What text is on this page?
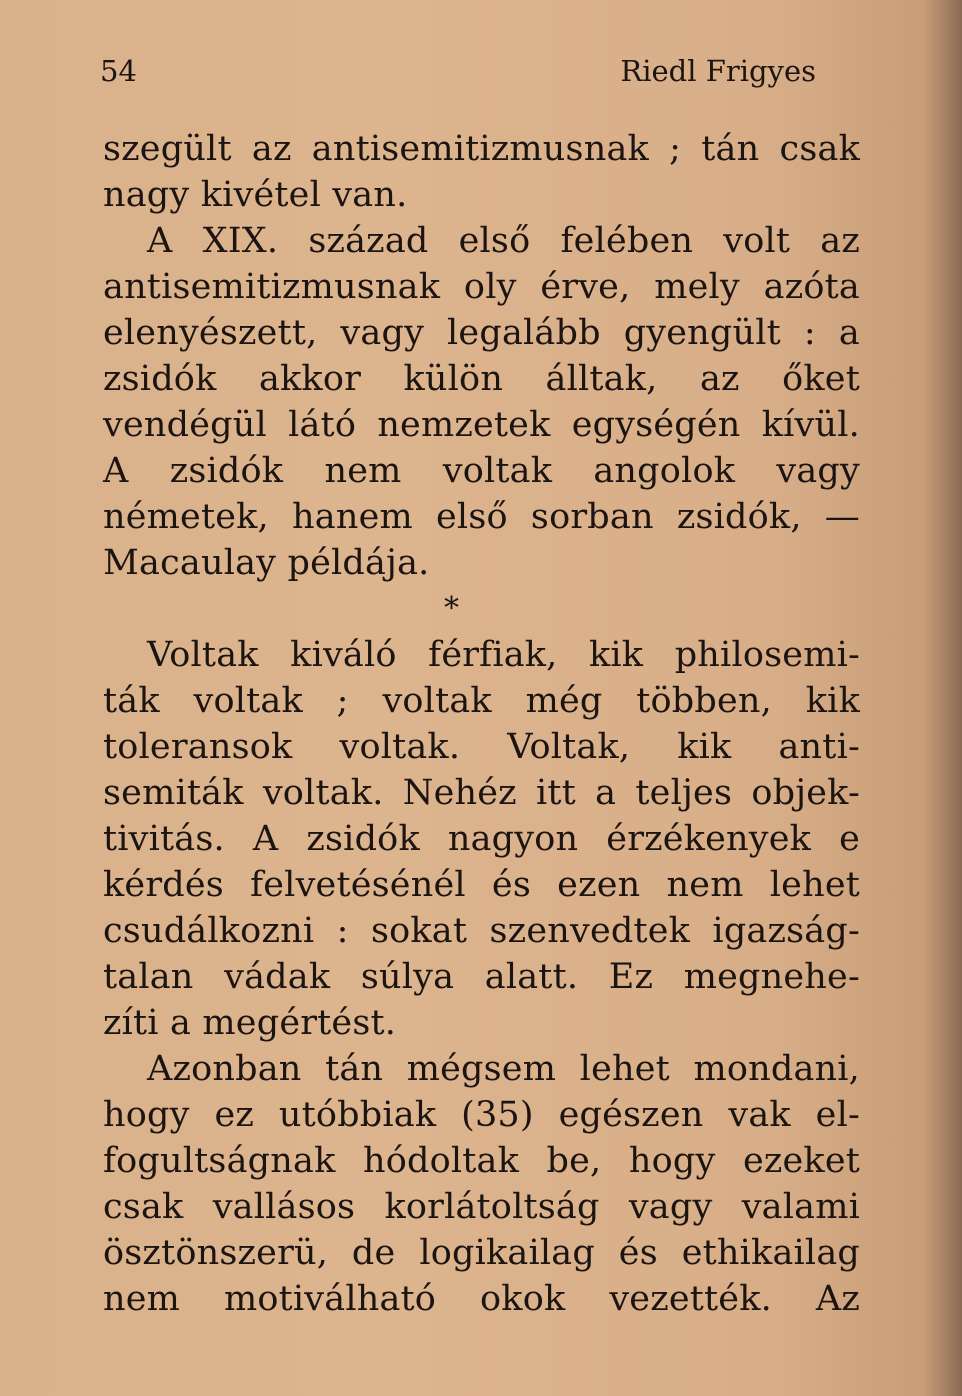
54	Riedl Frigyes
szegült az antisemitizmusnak ; tán csak
nagy kivétel van.
A XIX. század első felében volt az
antisemitizmusnak oly érve, mely azóta
elenyészett, vagy legalább gyengült : a
zsidók akkor külön álltak, az őket
vendégül látó nemzetek egységén kívül.
A zsidók nem voltak angolok vagy
németek, hanem első sorban zsidók, —
Macaulay példája.
*
Voltak kiváló férfiak, kik philosemi-
ták voltak ; voltak még többen, kik
toleransok voltak. Voltak, kik anti-
semiták voltak. Nehéz itt a teljes objek-
tivitás. A zsidók nagyon érzékenyek e
kérdés felvetésénél és ezen nem lehet
csudálkozni : sokat szenvedtek igazság-
talan vádak súlya alatt. Ez megnehe-
zíti a megértést.
Azonban tán mégsem lehet mondani,
hogy ez utóbbiak (35) egészen vak el-
fogultságnak hódoltak be, hogy ezeket
csak vallásos korlátoltság vagy valami
ösztönszerü, de logikailag és ethikailag
nem motiválható okok vezették. Az
